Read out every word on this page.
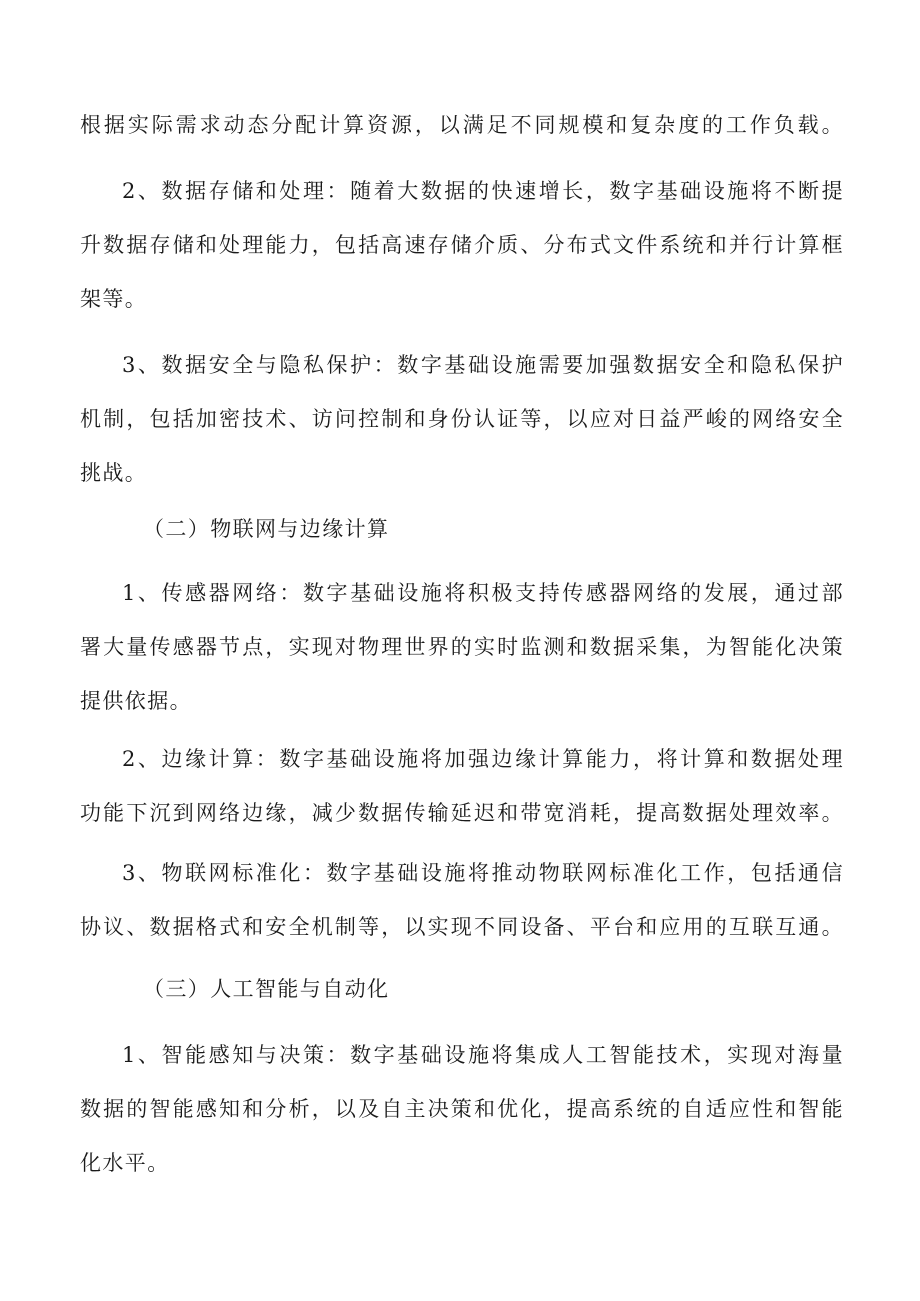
根据实际需求动态分配计算资源，以满足不同规模和复杂度的工作负载。
2、数据存储和处理：随着大数据的快速增长，数字基础设施将不断提
升数据存储和处理能力，包括高速存储介质、分布式文件系统和并行计算框
架等。
3、数据安全与隐私保护：数字基础设施需要加强数据安全和隐私保护
机制，包括加密技术、访问控制和身份认证等，以应对日益严峻的网络安全
挑战。
（二）物联网与边缘计算
1、传感器网络：数字基础设施将积极支持传感器网络的发展，通过部
署大量传感器节点，实现对物理世界的实时监测和数据采集，为智能化决策
提供依据。
2、边缘计算：数字基础设施将加强边缘计算能力，将计算和数据处理
功能下沉到网络边缘，减少数据传输延迟和带宽消耗，提高数据处理效率。
3、物联网标准化：数字基础设施将推动物联网标准化工作，包括通信
协议、数据格式和安全机制等，以实现不同设备、平台和应用的互联互通。
（三）人工智能与自动化
1、智能感知与决策：数字基础设施将集成人工智能技术，实现对海量
数据的智能感知和分析，以及自主决策和优化，提高系统的自适应性和智能
化水平。
